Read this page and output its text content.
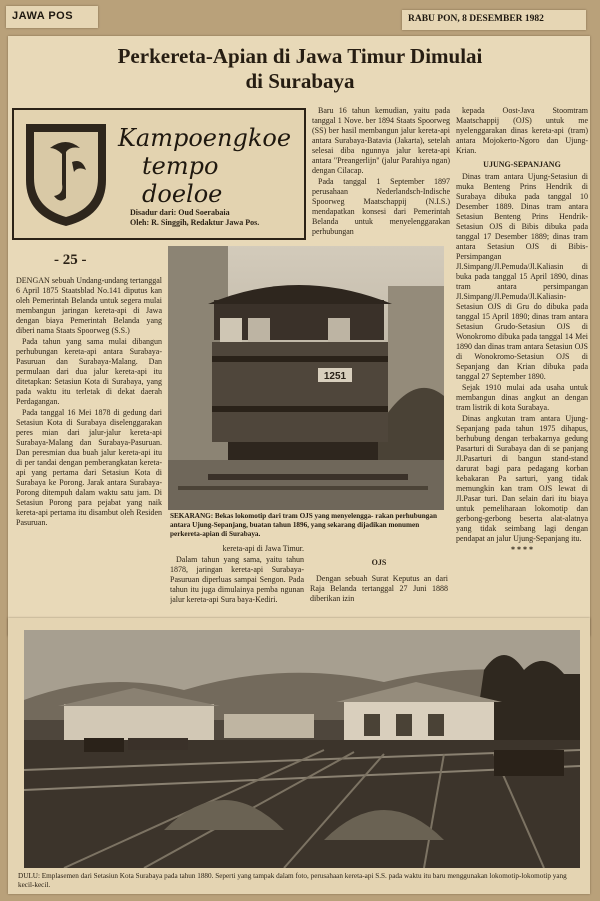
JAWA POS	RABU PON, 8 DESEMBER 1982
Perkereta-Apian di Jawa Timur Dimulai
di Surabaya
Kampoengkoe
tempo doeloe
Disadur dari: Oud Soerabaia
Oleh: R. Singgih, Redaktur Jawa Pos.
- 25 -

DENGAN sebuah Undang-undang tertanggal 6 April 1875 Staatsblad No.141 diputus kan oleh Pemerintah Belanda untuk segera mulai membangun jaringan kereta-api di Jawa dengan biaya Pemerintah Belanda yang diberi nama Staats Spoorweg (S.S.)

Pada tahun yang sama mulai dibangun perhubungan kereta-api antara Surabaya-Pasuruan dan Surabaya-Malang. Dan permulaan dari dua jalur kereta-api itu ditetapkan: Setasiun Kota di Surabaya, yang pada waktu itu terletak di dekat daerah Perdagangan.

Pada tanggal 16 Mei 1878 di gedung dari Setasiun Kota di Surabaya diselenggarakan peres mian dari jalur-jalur kereta-api Surabaya-Malang dan Surabaya-Pasuruan. Dan peresmian dua buah jalur kereta-api itu di per tandai dengan pemberangkatan kereta-api yang pertama dari Setasiun Kota di Surabaya ke Porong. Jarak antara Surabaya-Porong ditempuh dalam waktu satu jam. Di Setasiun Porong para pejabat yang naik kereta-api pertama itu disambut oleh Residen Pasuruan.

Baru 16 tahun kemudian, yaitu pada tanggal 1 Nove. ber 1894 Staats Spoorweg (SS) ber hasil membangun jalur kereta-api antara Surabaya-Batavia (Jakarta), setelah selesai diba ngunnya jalur kereta-api antara "Preangerlijn" (jalur Parahiya ngan) dengan Cilacap.

Pada tanggal 1 September 1897 perusahaan Nederlandsch-Indische Spoorweg Maatschappij (N.I.S.) mendapatkan konsesi dari Pemerintah Belanda untuk menyelenggarakan perhubungan

1251
SEKARANG: Bekas lokomotip dari tram OJS yang menyelengga- rakan perhubungan antara Ujung-Sepanjang, buatan tahun 1896, yang sekarang dijadikan monumen perkereta-apian di Surabaya.

kereta-api di Jawa Timur.

Dalam tahun yang sama, yaitu tahun 1878, jaringan kereta-api Surabaya-Pasuruan diperluas sampai Sengon. Pada tahun itu juga dimulainya pemba ngunan jalur kereta-api Sura baya-Kediri.

OJS

Dengan sebuah Surat Keputus an dari Raja Belanda tertanggal 27 Juni 1888 diberikan izin

kepada Oost-Java Stoomtram Maatschappij (OJS) untuk me nyelenggarakan dinas kereta-api (tram) antara Mojokerto-Ngoro dan Ujung-Krian.

UJUNG-SEPANJANG

Dinas tram antara Ujung-Setasiun di muka Benteng Prins Hendrik di Surabaya dibuka pada tanggal 10 Desember 1889. Dinas tram antara Setasiun Benteng Prins Hendrik-Setasiun OJS di Bibis dibuka pada tanggal 17 Desember 1889; dinas tram antara Setasiun OJS di Bibis-Persimpangan Jl.Simpang/Jl.Pemuda/Jl.Kaliasin di buka pada tanggal 15 April 1890, dinas tram antara persimpangan Jl.Simpang/Jl.Pemuda/Jl.Kaliasin-Setasiun OJS di Gru do dibuka pada tanggal 15 April 1890; dinas tram antara Setasiun Grudo-Setasiun OJS di Wonokromo dibuka pada tanggal 14 Mei 1890 dan dinas tram antara Setasiun OJS di Wonokromo-Setasiun OJS di Sepanjang dan Krian dibuka pada tanggal 27 September 1890.

Sejak 1910 mulai ada usaha untuk membangun dinas angkut an dengan tram listrik di kota Surabaya.

Dinas angkutan tram antara Ujung-Sepanjang pada tahun 1975 dihapus, berhubung dengan terbakarnya gedung Pasarturi di Surabaya dan di se panjang Jl.Pasarturi di bangun stand-stand darurat bagi para pedagang korban kebakaran Pa sarturi, yang tidak memungkin kan tram OJS lewat di Jl.Pasar turi. Dan selain dari itu biaya untuk pemeliharaan lokomotip dan gerbong-gerbong beserta alat-alatnya yang tidak seimbang lagi dengan pendapat an jalur Ujung-Sepanjang itu.

* * * *
DULU: Emplasemen dari Setasiun Kota Surabaya pada tahun 1880. Seperti yang tampak dalam foto, perusahaan kereta-api S.S. pada waktu itu baru menggunakan lokomotip-lokomotip yang kecil-kecil.
